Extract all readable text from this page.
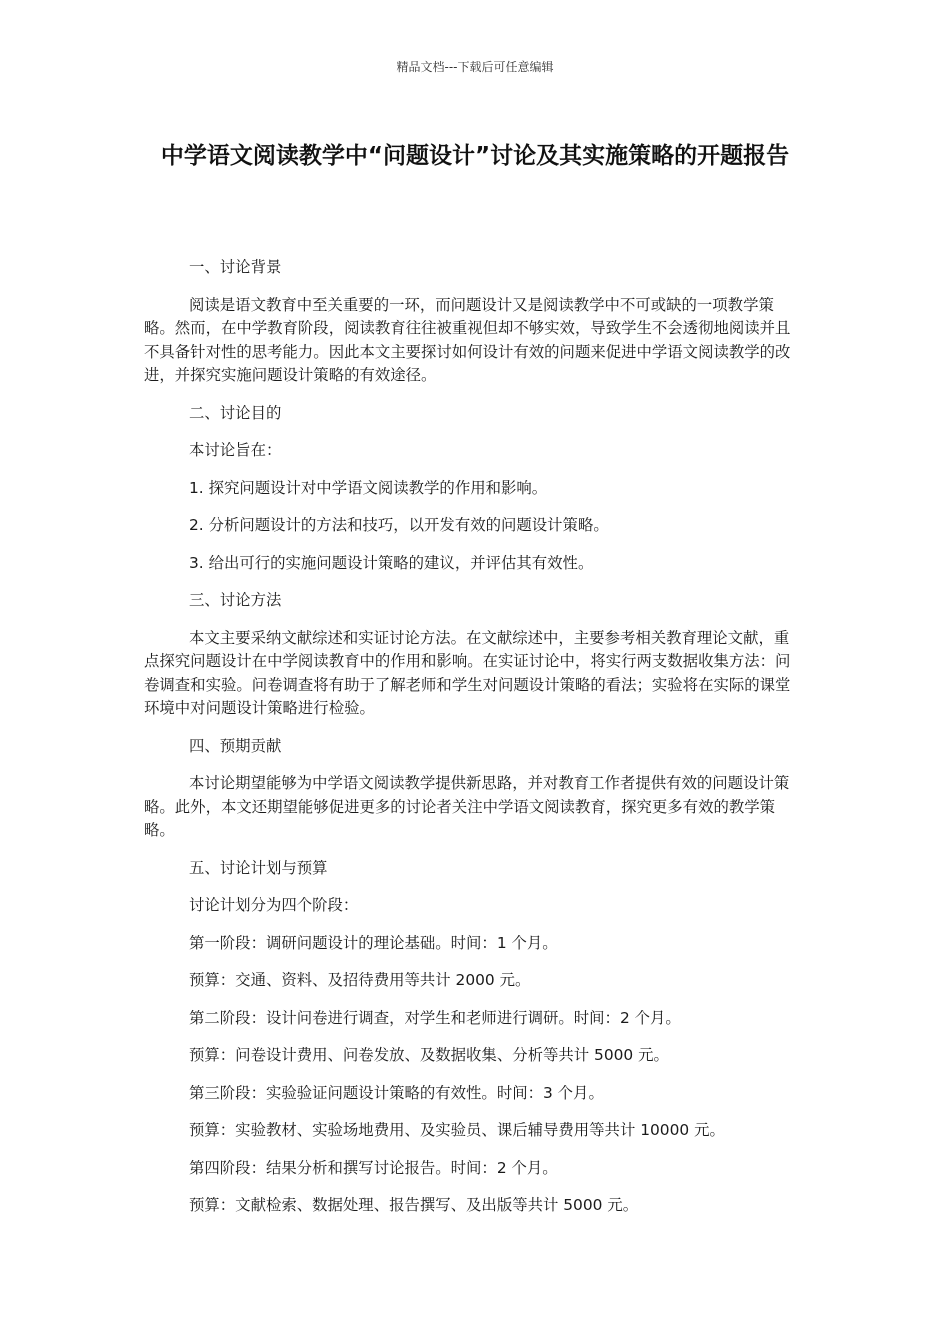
精品文档---下载后可任意编辑
中学语文阅读教学中“问题设计”讨论及其实施策略的开题报告

一、讨论背景

阅读是语文教育中至关重要的一环，而问题设计又是阅读教学中不可或缺的一项教学策略。然而，在中学教育阶段，阅读教育往往被重视但却不够实效，导致学生不会透彻地阅读并且不具备针对性的思考能力。因此本文主要探讨如何设计有效的问题来促进中学语文阅读教学的改进，并探究实施问题设计策略的有效途径。

二、讨论目的

本讨论旨在：

1. 探究问题设计对中学语文阅读教学的作用和影响。

2. 分析问题设计的方法和技巧，以开发有效的问题设计策略。

3. 给出可行的实施问题设计策略的建议，并评估其有效性。

三、讨论方法

本文主要采纳文献综述和实证讨论方法。在文献综述中，主要参考相关教育理论文献，重点探究问题设计在中学阅读教育中的作用和影响。在实证讨论中，将实行两支数据收集方法：问卷调查和实验。问卷调查将有助于了解老师和学生对问题设计策略的看法；实验将在实际的课堂环境中对问题设计策略进行检验。

四、预期贡献

本讨论期望能够为中学语文阅读教学提供新思路，并对教育工作者提供有效的问题设计策略。此外，本文还期望能够促进更多的讨论者关注中学语文阅读教育，探究更多有效的教学策略。

五、讨论计划与预算

讨论计划分为四个阶段：

第一阶段：调研问题设计的理论基础。时间：1 个月。

预算：交通、资料、及招待费用等共计 2000 元。

第二阶段：设计问卷进行调查，对学生和老师进行调研。时间：2 个月。

预算：问卷设计费用、问卷发放、及数据收集、分析等共计 5000 元。

第三阶段：实验验证问题设计策略的有效性。时间：3 个月。

预算：实验教材、实验场地费用、及实验员、课后辅导费用等共计 10000 元。

第四阶段：结果分析和撰写讨论报告。时间：2 个月。

预算：文献检索、数据处理、报告撰写、及出版等共计 5000 元。
